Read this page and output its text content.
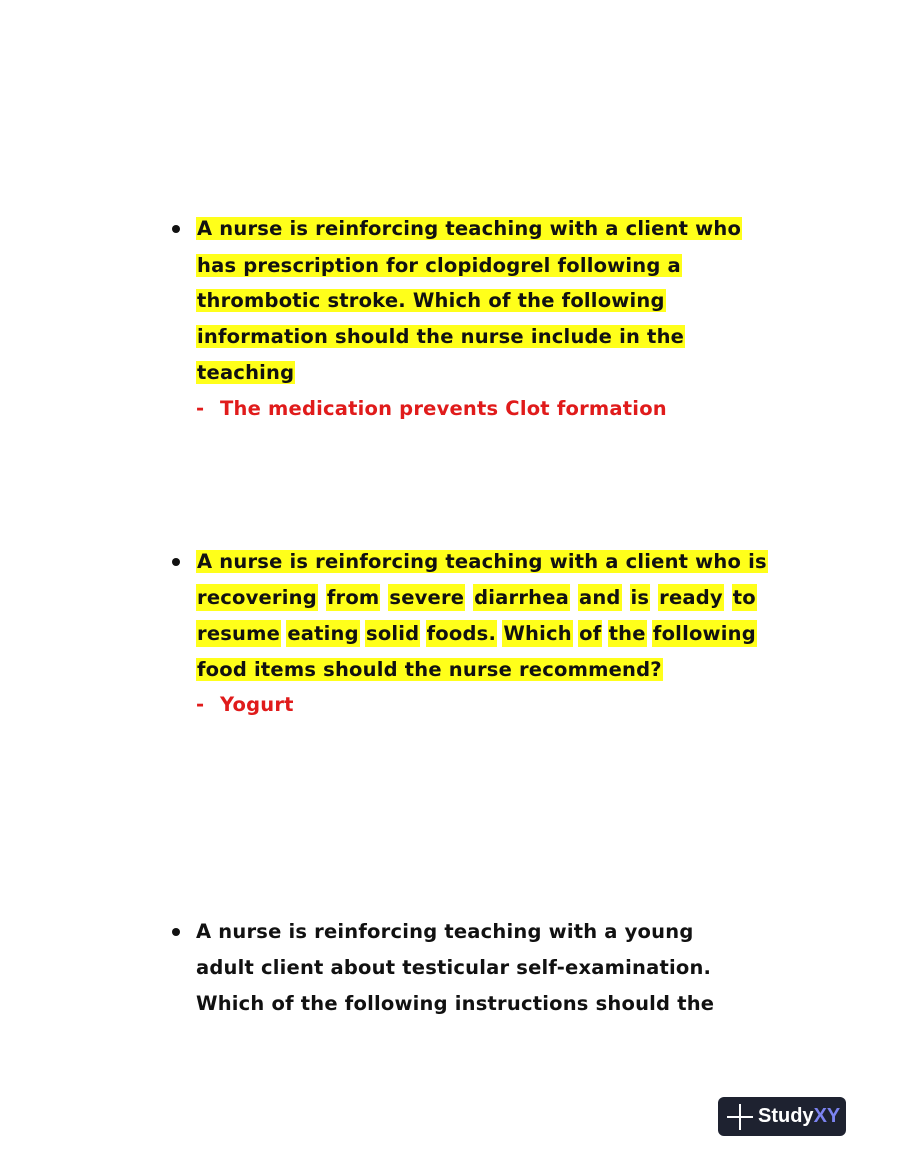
A nurse is reinforcing teaching with a client who
has prescription for clopidogrel following a
thrombotic stroke. Which of the following
information should the nurse include in the
teaching
- The medication prevents Clot formation
A nurse is reinforcing teaching with a client who is
recovering from severe diarrhea and is ready to
resume eating solid foods. Which of the following
food items should the nurse recommend?
- Yogurt
A nurse is reinforcing teaching with a young
adult client about testicular self-examination.
Which of the following instructions should the
StudyXY
